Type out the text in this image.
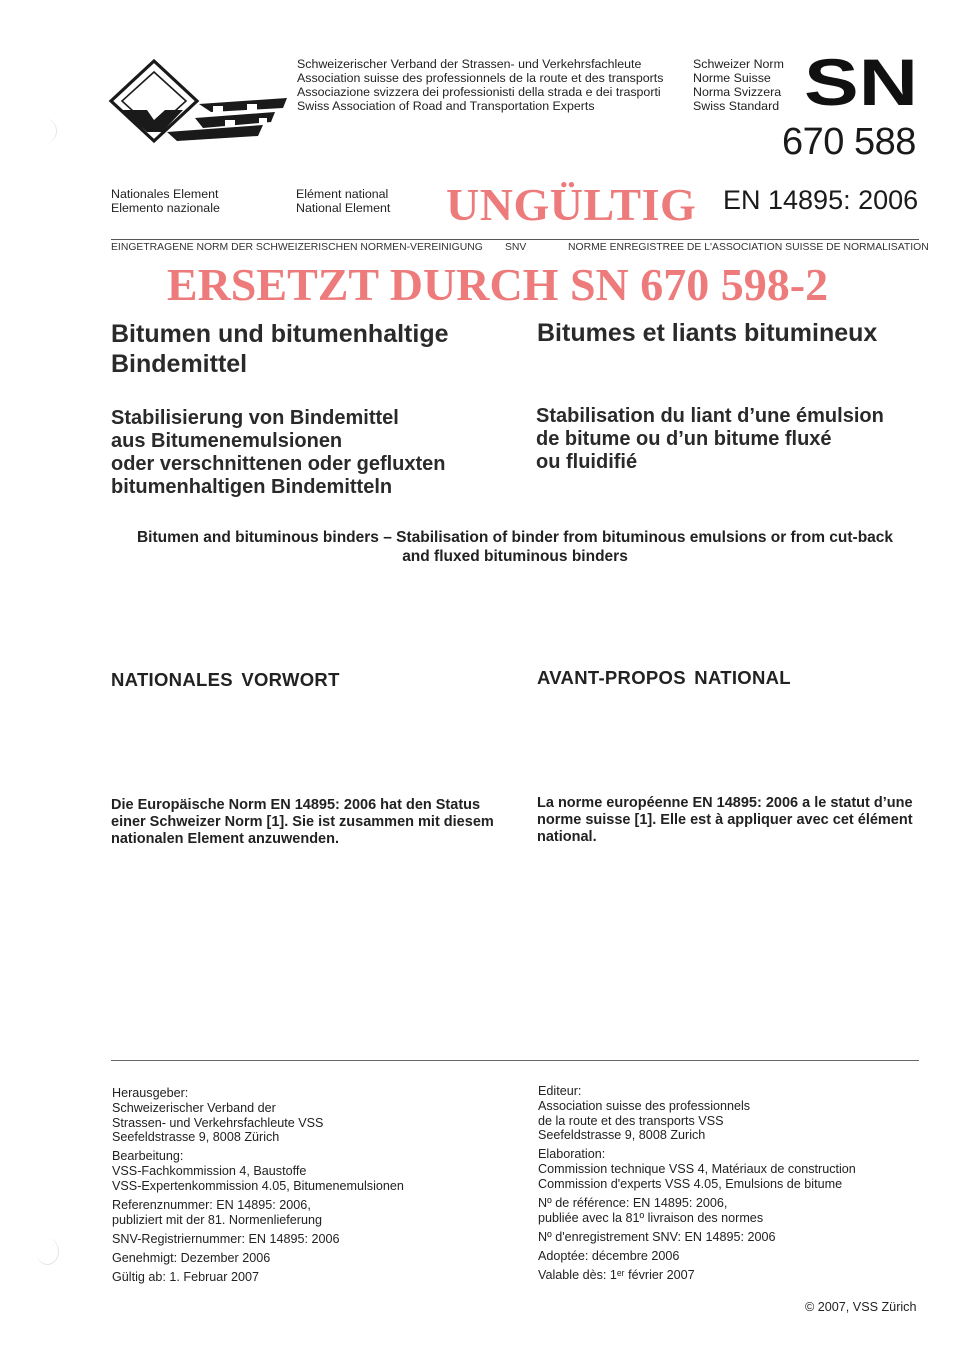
Schweizerischer Verband der Strassen- und Verkehrsfachleute
Association suisse des professionnels de la route et des transports
Associazione svizzera dei professionisti della strada e dei trasporti
Swiss Association of Road and Transportation Experts
Schweizer Norm
Norme Suisse
Norma Svizzera
Swiss Standard SN
670 588
Nationales Element
Elemento nazionale
Elément national
National Element UNGÜLTIG EN 14895: 2006
EINGETRAGENE NORM DER SCHWEIZERISCHEN NORMEN-VEREINIGUNG SNV	NORME ENREGISTREE DE L'ASSOCIATION SUISSE DE NORMALISATION
ERSETZT DURCH SN 670 598-2
Bitumen und bitumenhaltige
Bindemittel
Bitumes et liants bitumineux
Stabilisierung von Bindemittel
aus Bitumenemulsionen
oder verschnittenen oder gefluxten
bitumenhaltigen Bindemitteln
Stabilisation du liant d’une émulsion
de bitume ou d’un bitume fluxé
ou fluidifié
Bitumen and bituminous binders – Stabilisation of binder from bituminous emulsions or from cut-back
and fluxed bituminous binders
NATIONALES VORWORT	AVANT-PROPOS NATIONAL
Die Europäische Norm EN 14895: 2006 hat den Status
einer Schweizer Norm [1]. Sie ist zusammen mit diesem
nationalen Element anzuwenden.
La norme européenne EN 14895: 2006 a le statut d’une
norme suisse [1]. Elle est à appliquer avec cet élément
national.
Herausgeber:
Schweizerischer Verband der
Strassen- und Verkehrsfachleute VSS
Seefeldstrasse 9, 8008 Zürich
Bearbeitung:
VSS-Fachkommission 4, Baustoffe
VSS-Expertenkommission 4.05, Bitumenemulsionen
Referenznummer: EN 14895: 2006,
publiziert mit der 81. Normenlieferung
SNV-Registriernummer: EN 14895: 2006
Genehmigt: Dezember 2006
Gültig ab: 1. Februar 2007
Editeur:
Association suisse des professionnels
de la route et des transports VSS
Seefeldstrasse 9, 8008 Zurich
Elaboration:
Commission technique VSS 4, Matériaux de construction
Commission d'experts VSS 4.05, Emulsions de bitume
Nº de référence: EN 14895: 2006,
publiée avec la 81º livraison des normes
Nº d'enregistrement SNV: EN 14895: 2006
Adoptée: décembre 2006
Valable dès: 1ᵉʳ février 2007
© 2007, VSS Zürich
